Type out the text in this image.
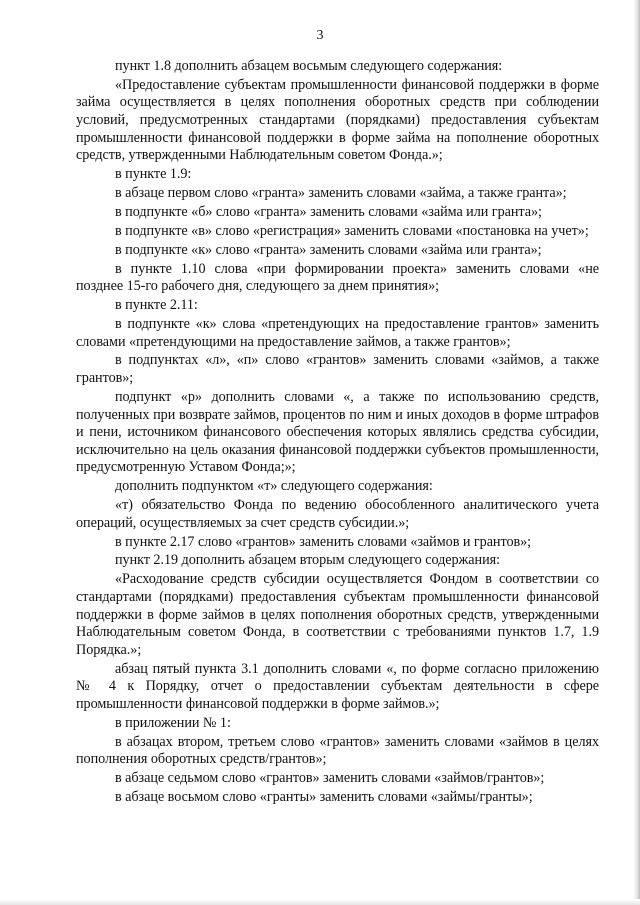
3

пункт 1.8 дополнить абзацем восьмым следующего содержания:

«Предоставление субъектам промышленности финансовой поддержки в форме займа осуществляется в целях пополнения оборотных средств при соблюдении условий, предусмотренных стандартами (порядками) предоставления субъектам промышленности финансовой поддержки в форме займа на пополнение оборотных средств, утвержденными Наблюдательным советом Фонда.»;

в пункте 1.9:

в абзаце первом слово «гранта» заменить словами «займа, а также гранта»;

в подпункте «б» слово «гранта» заменить словами «займа или гранта»;

в подпункте «в» слово «регистрация» заменить словами «постановка на учет»;

в подпункте «к» слово «гранта» заменить словами «займа или гранта»;

в пункте 1.10 слова «при формировании проекта» заменить словами «не позднее 15-го рабочего дня, следующего за днем принятия»;

в пункте 2.11:

в подпункте «к» слова «претендующих на предоставление грантов» заменить словами «претендующими на предоставление займов, а также грантов»;

в подпунктах «л», «п» слово «грантов» заменить словами «займов, а также грантов»;

подпункт «р» дополнить словами «, а также по использованию средств, полученных при возврате займов, процентов по ним и иных доходов в форме штрафов и пени, источником финансового обеспечения которых являлись средства субсидии, исключительно на цель оказания финансовой поддержки субъектов промышленности, предусмотренную Уставом Фонда;»;

дополнить подпунктом «т» следующего содержания:

«т) обязательство Фонда по ведению обособленного аналитического учета операций, осуществляемых за счет средств субсидии.»;

в пункте 2.17 слово «грантов» заменить словами «займов и грантов»;

пункт 2.19 дополнить абзацем вторым следующего содержания:

«Расходование средств субсидии осуществляется Фондом в соответствии со стандартами (порядками) предоставления субъектам промышленности финансовой поддержки в форме займов в целях пополнения оборотных средств, утвержденными Наблюдательным советом Фонда, в соответствии с требованиями пунктов 1.7, 1.9 Порядка.»;

абзац пятый пункта 3.1 дополнить словами «, по форме согласно приложению № 4 к Порядку, отчет о предоставлении субъектам деятельности в сфере промышленности финансовой поддержки в форме займов.»;

в приложении № 1:

в абзацах втором, третьем слово «грантов» заменить словами «займов в целях пополнения оборотных средств/грантов»;

в абзаце седьмом слово «грантов» заменить словами «займов/грантов»;

в абзаце восьмом слово «гранты» заменить словами «займы/гранты»;
